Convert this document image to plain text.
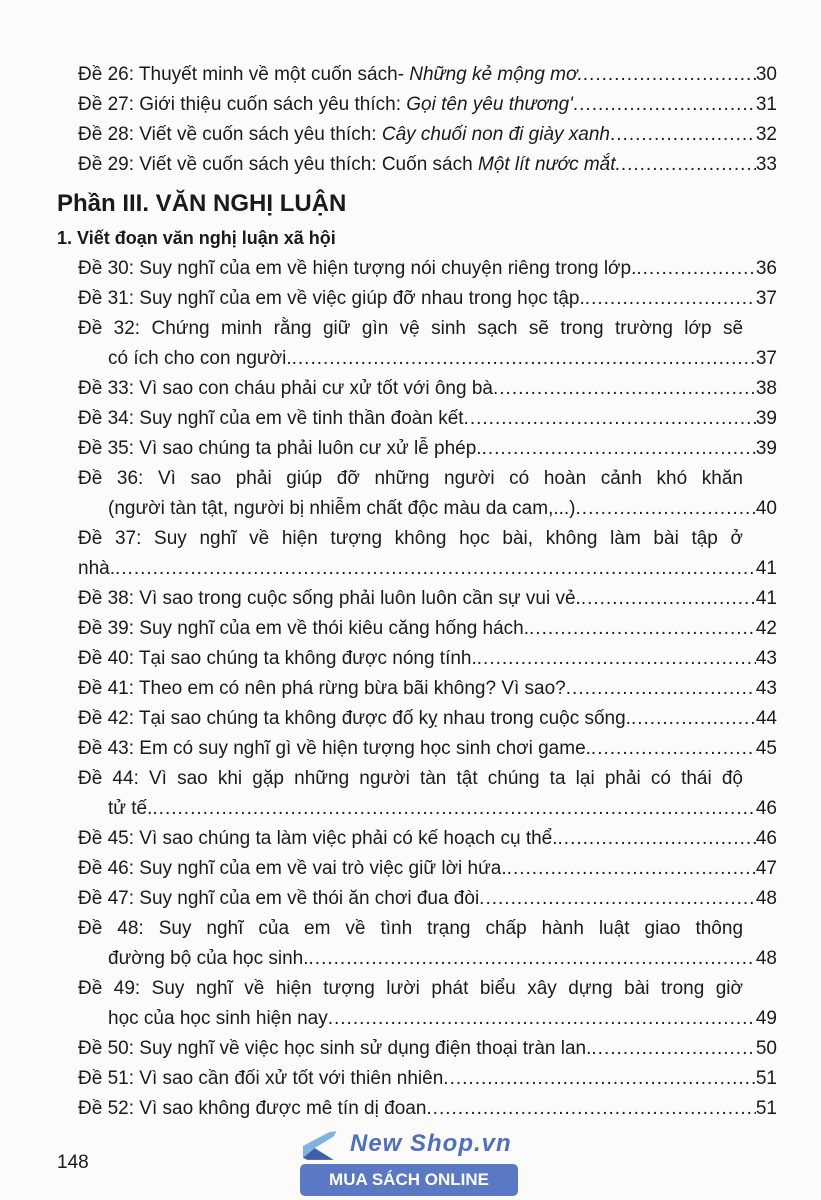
Đề 26: Thuyết minh về một cuốn sách- Những kẻ mộng mơ. .....	30
Đề 27: Giới thiệu cuốn sách yêu thích: Gọi tên yêu thương' .....	31
Đề 28: Viết về cuốn sách yêu thích: Cây chuối non đi giày xanh .....	32
Đề 29: Viết về cuốn sách yêu thích: Cuốn sách Một lít nước mắt. .....	33
Phần III. VĂN NGHỊ LUẬN
1. Viết đoạn văn nghị luận xã hội
Đề 30: Suy nghĩ của em về hiện tượng nói chuyện riêng trong lớp. .....	36
Đề 31: Suy nghĩ của em về việc giúp đỡ nhau trong học tập. .....	37
Đề 32: Chứng minh rằng giữ gìn vệ sinh sạch sẽ trong trường lớp sẽ
có ích cho con người. .....	37
Đề 33: Vì sao con cháu phải cư xử tốt với ông bà .....	38
Đề 34: Suy nghĩ của em về tinh thần đoàn kết .....	39
Đề 35: Vì sao chúng ta phải luôn cư xử lễ phép. .....	39
Đề 36: Vì sao phải giúp đỡ những người có hoàn cảnh khó khăn
(người tàn tật, người bị nhiễm chất độc màu da cam,...) .....	40
Đề 37: Suy nghĩ về hiện tượng không học bài, không làm bài tập ở
nhà. .....	41
Đề 38: Vì sao trong cuộc sống phải luôn luôn cần sự vui vẻ. .....	41
Đề 39: Suy nghĩ của em về thói kiêu căng hống hách. .....	42
Đề 40: Tại sao chúng ta không được nóng tính. .....	43
Đề 41: Theo em có nên phá rừng bừa bãi không? Vì sao? .....	43
Đề 42: Tại sao chúng ta không được đố kỵ nhau trong cuộc sống. .....	44
Đề 43: Em có suy nghĩ gì về hiện tượng học sinh chơi game. .....	45
Đề 44: Vì sao khi gặp những người tàn tật chúng ta lại phải có thái độ
tử tế. .....	46
Đề 45: Vì sao chúng ta làm việc phải có kế hoạch cụ thể. .....	46
Đề 46: Suy nghĩ của em về vai trò việc giữ lời hứa. .....	47
Đề 47: Suy nghĩ của em về thói ăn chơi đua đòi .....	48
Đề 48: Suy nghĩ của em về tình trạng chấp hành luật giao thông
đường bộ của học sinh. .....	48
Đề 49: Suy nghĩ về hiện tượng lười phát biểu xây dựng bài trong giờ
học của học sinh hiện nay .....	49
Đề 50: Suy nghĩ về việc học sinh sử dụng điện thoại tràn lan. .....	50
Đề 51: Vì sao cần đối xử tốt với thiên nhiên .....	51
Đề 52: Vì sao không được mê tín dị đoan .....	51
148
New Shop.vn
MUA SÁCH ONLINE
